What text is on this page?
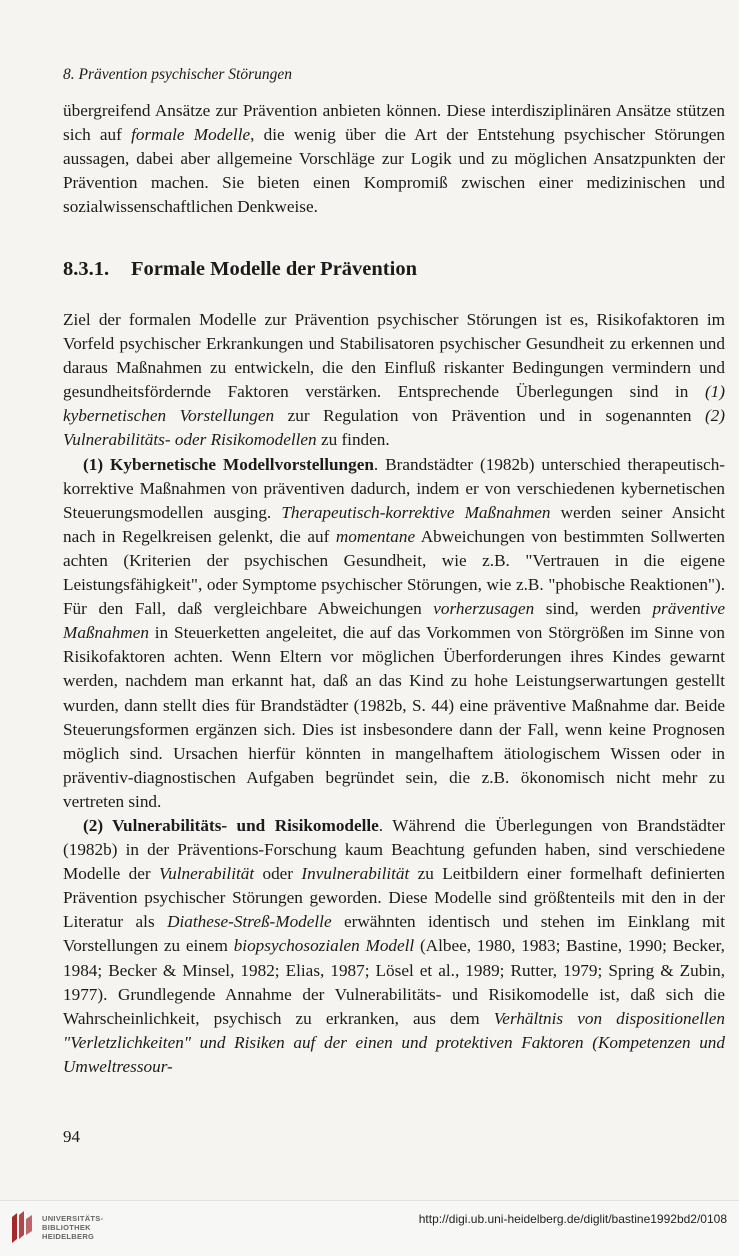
8. Prävention psychischer Störungen

übergreifend Ansätze zur Prävention anbieten können. Diese interdisziplinären Ansätze stützen sich auf formale Modelle, die wenig über die Art der Entstehung psychischer Störungen aussagen, dabei aber allgemeine Vorschläge zur Logik und zu möglichen Ansatzpunkten der Prävention machen. Sie bieten einen Kompromiß zwischen einer medizinischen und sozialwissenschaftlichen Denkweise.

8.3.1. Formale Modelle der Prävention

Ziel der formalen Modelle zur Prävention psychischer Störungen ist es, Risikofaktoren im Vorfeld psychischer Erkrankungen und Stabilisatoren psychischer Gesundheit zu erkennen und daraus Maßnahmen zu entwickeln, die den Einfluß riskanter Bedingungen vermindern und gesundheitsfördernde Faktoren verstärken. Entsprechende Überlegungen sind in (1) kybernetischen Vorstellungen zur Regulation von Prävention und in sogenannten (2) Vulnerabilitäts- oder Risikomodellen zu finden.

(1) Kybernetische Modellvorstellungen. Brandstädter (1982b) unterschied therapeutisch-korrektive Maßnahmen von präventiven dadurch, indem er von verschiedenen kybernetischen Steuerungsmodellen ausging. Therapeutisch-korrektive Maßnahmen werden seiner Ansicht nach in Regelkreisen gelenkt, die auf momentane Abweichungen von bestimmten Sollwerten achten (Kriterien der psychischen Gesundheit, wie z.B. "Vertrauen in die eigene Leistungsfähigkeit", oder Symptome psychischer Störungen, wie z.B. "phobische Reaktionen"). Für den Fall, daß vergleichbare Abweichungen vorherzusagen sind, werden präventive Maßnahmen in Steuerketten angeleitet, die auf das Vorkommen von Störgrößen im Sinne von Risikofaktoren achten. Wenn Eltern vor möglichen Überforderungen ihres Kindes gewarnt werden, nachdem man erkannt hat, daß an das Kind zu hohe Leistungserwartungen gestellt wurden, dann stellt dies für Brandstädter (1982b, S. 44) eine präventive Maßnahme dar. Beide Steuerungsformen ergänzen sich. Dies ist insbesondere dann der Fall, wenn keine Prognosen möglich sind. Ursachen hierfür könnten in mangelhaftem ätiologischem Wissen oder in präventiv-diagnostischen Aufgaben begründet sein, die z.B. ökonomisch nicht mehr zu vertreten sind.

(2) Vulnerabilitäts- und Risikomodelle. Während die Überlegungen von Brandstädter (1982b) in der Präventions-Forschung kaum Beachtung gefunden haben, sind verschiedene Modelle der Vulnerabilität oder Invulnerabilität zu Leitbildern einer formelhaft definierten Prävention psychischer Störungen geworden. Diese Modelle sind größtenteils mit den in der Literatur als Diathese-Streß-Modelle erwähnten identisch und stehen im Einklang mit Vorstellungen zu einem biopsychosozialen Modell (Albee, 1980, 1983; Bastine, 1990; Becker, 1984; Becker & Minsel, 1982; Elias, 1987; Lösel et al., 1989; Rutter, 1979; Spring & Zubin, 1977). Grundlegende Annahme der Vulnerabilitäts- und Risikomodelle ist, daß sich die Wahrscheinlichkeit, psychisch zu erkranken, aus dem Verhältnis von dispositionellen "Verletzlichkeiten" und Risiken auf der einen und protektiven Faktoren (Kompetenzen und Umweltressour-

94
UNIVERSITÄTS-
BIBLIOTHEK
HEIDELBERG
http://digi.ub.uni-heidelberg.de/diglit/bastine1992bd2/0108
